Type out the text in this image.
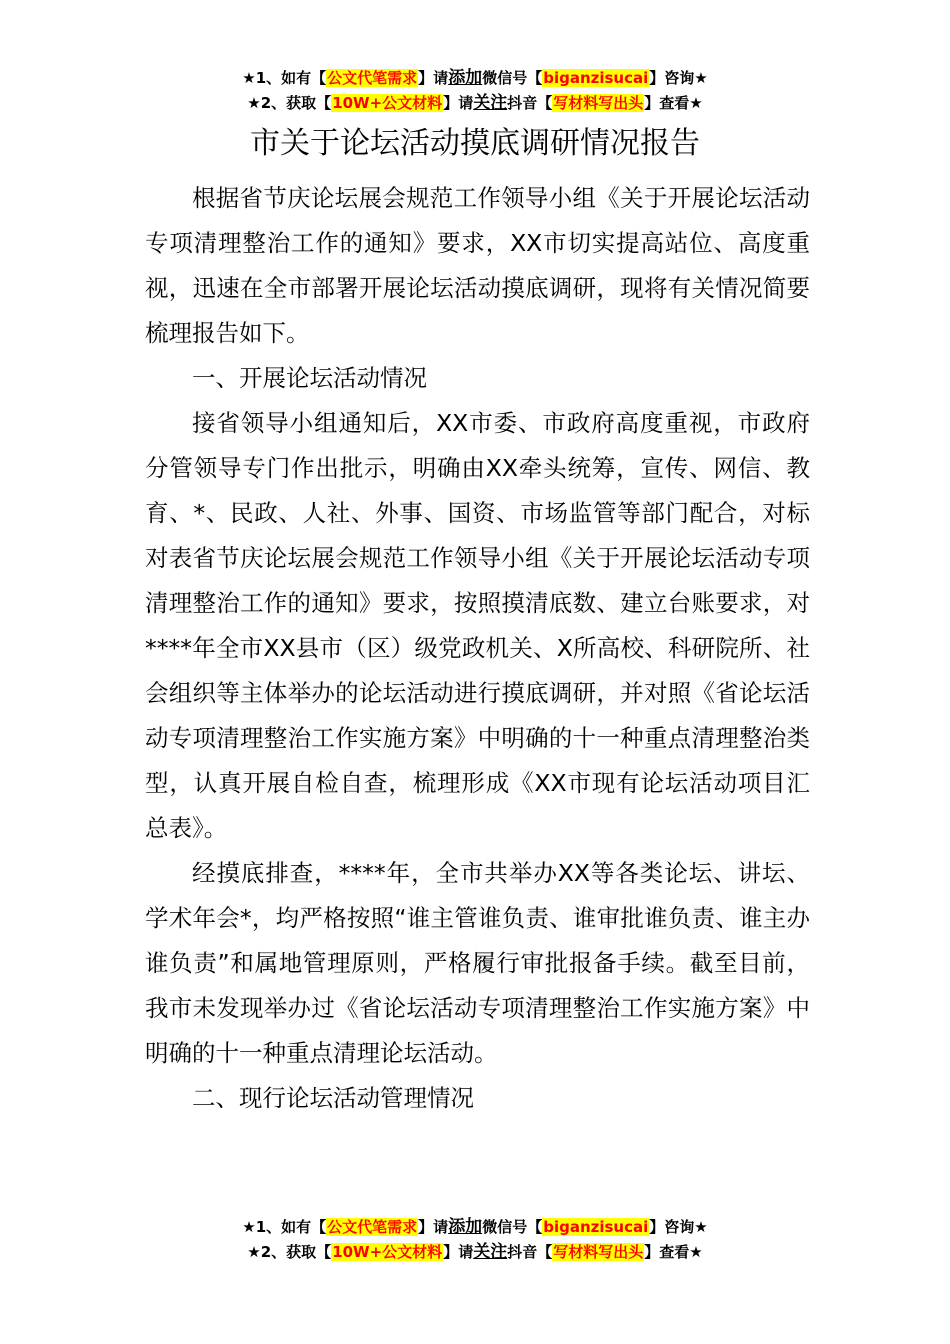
★1、如有【公文代笔需求】请添加微信号【biganzisucai】咨询★
★2、获取【10W+公文材料】请关注抖音【写材料写出头】查看★
市关于论坛活动摸底调研情况报告

根据省节庆论坛展会规范工作领导小组《关于开展论坛活动专项清理整治工作的通知》要求，XX市切实提高站位、高度重视，迅速在全市部署开展论坛活动摸底调研，现将有关情况简要梳理报告如下。

一、开展论坛活动情况

接省领导小组通知后，XX市委、市政府高度重视，市政府分管领导专门作出批示，明确由XX牵头统筹，宣传、网信、教育、*、民政、人社、外事、国资、市场监管等部门配合，对标对表省节庆论坛展会规范工作领导小组《关于开展论坛活动专项清理整治工作的通知》要求，按照摸清底数、建立台账要求，对****年全市XX县市（区）级党政机关、X所高校、科研院所、社会组织等主体举办的论坛活动进行摸底调研，并对照《省论坛活动专项清理整治工作实施方案》中明确的十一种重点清理整治类型，认真开展自检自查，梳理形成《XX市现有论坛活动项目汇总表》。

经摸底排查，****年，全市共举办XX等各类论坛、讲坛、学术年会*，均严格按照“谁主管谁负责、谁审批谁负责、谁主办谁负责”和属地管理原则，严格履行审批报备手续。截至目前，我市未发现举办过《省论坛活动专项清理整治工作实施方案》中明确的十一种重点清理论坛活动。

二、现行论坛活动管理情况

★1、如有【公文代笔需求】请添加微信号【biganzisucai】咨询★
★2、获取【10W+公文材料】请关注抖音【写材料写出头】查看★
